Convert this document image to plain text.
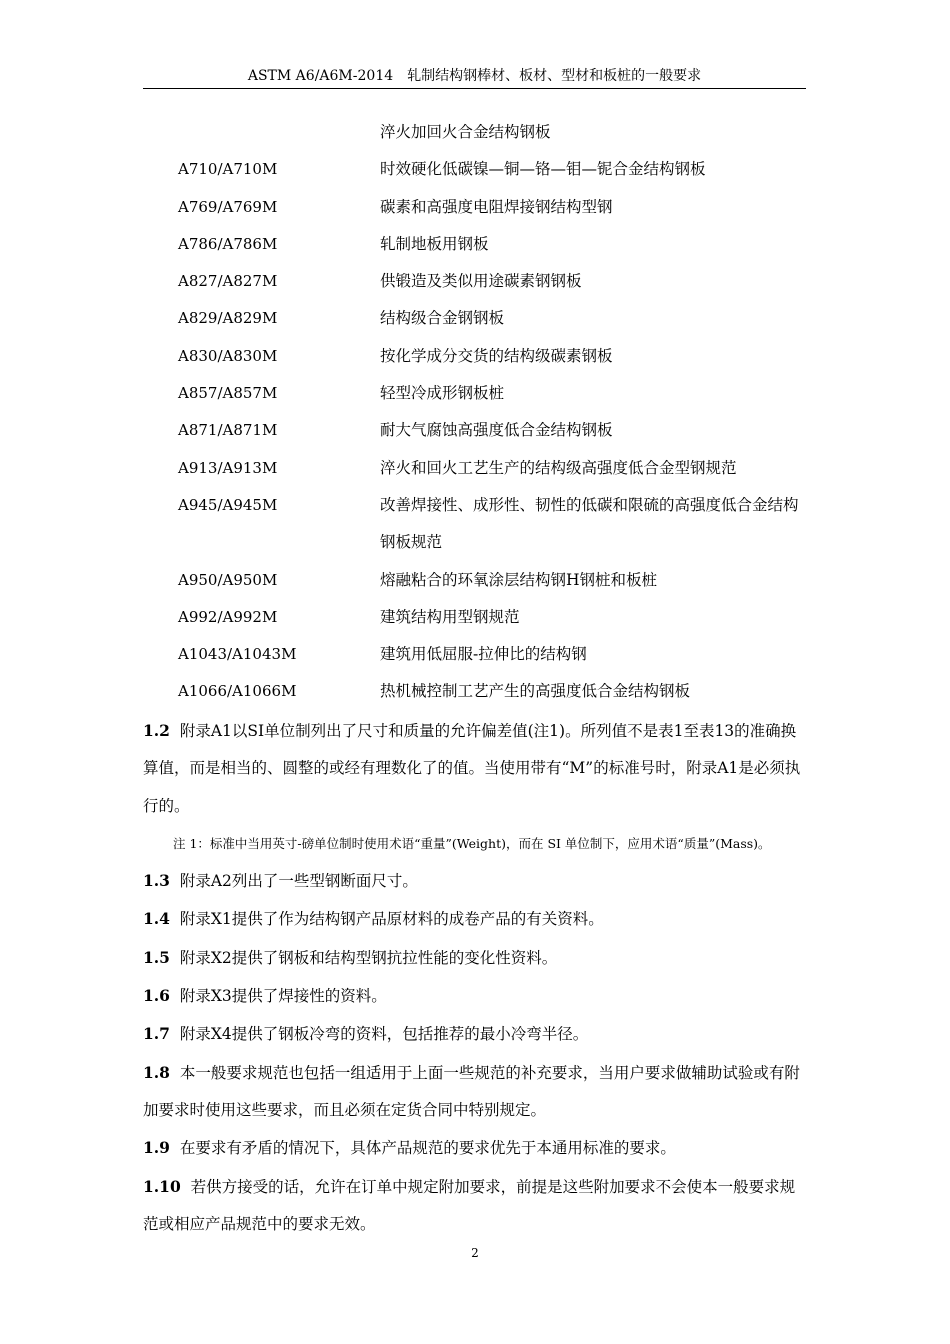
ASTM A6/A6M-2014　轧制结构钢棒材、板材、型材和板桩的一般要求
淬火加回火合金结构钢板
A710/A710M	时效硬化低碳镍—铜—铬—钼—铌合金结构钢板
A769/A769M	碳素和高强度电阻焊接钢结构型钢
A786/A786M	轧制地板用钢板
A827/A827M	供锻造及类似用途碳素钢钢板
A829/A829M	结构级合金钢钢板
A830/A830M	按化学成分交货的结构级碳素钢板
A857/A857M	轻型冷成形钢板桩
A871/A871M	耐大气腐蚀高强度低合金结构钢板
A913/A913M	淬火和回火工艺生产的结构级高强度低合金型钢规范
A945/A945M	改善焊接性、成形性、韧性的低碳和限硫的高强度低合金结构钢板规范
A950/A950M	熔融粘合的环氧涂层结构钢H钢桩和板桩
A992/A992M	建筑结构用型钢规范
A1043/A1043M	建筑用低屈服-拉伸比的结构钢
A1066/A1066M	热机械控制工艺产生的高强度低合金结构钢板

1.2 附录A1以SI单位制列出了尺寸和质量的允许偏差值(注1)。所列值不是表1至表13的准确换算值，而是相当的、圆整的或经有理数化了的值。当使用带有“M”的标准号时，附录A1是必须执行的。

注 1：标准中当用英寸-磅单位制时使用术语“重量”(Weight)，而在 SI 单位制下，应用术语“质量”(Mass)。

1.3 附录A2列出了一些型钢断面尺寸。

1.4 附录X1提供了作为结构钢产品原材料的成卷产品的有关资料。

1.5 附录X2提供了钢板和结构型钢抗拉性能的变化性资料。

1.6 附录X3提供了焊接性的资料。

1.7 附录X4提供了钢板冷弯的资料，包括推荐的最小冷弯半径。

1.8 本一般要求规范也包括一组适用于上面一些规范的补充要求，当用户要求做辅助试验或有附加要求时使用这些要求，而且必须在定货合同中特别规定。

1.9 在要求有矛盾的情况下，具体产品规范的要求优先于本通用标准的要求。

1.10 若供方接受的话，允许在订单中规定附加要求，前提是这些附加要求不会使本一般要求规范或相应产品规范中的要求无效。

2
